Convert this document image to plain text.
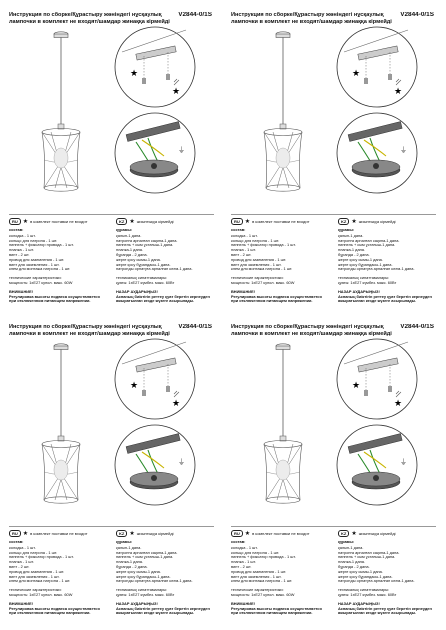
Инструкция по сборке/Құрастыру жөніндегі нұсқаулық	V2844-0/1S
лампочки в комплект не входят/шамдар жинаққа кірмейді
★
★
⏚
RU ★ в комплект поставки не входит	KZ ★ жиынтыққа кірмейді
состав:
колодка - 1 шт.
кольцо для патрона - 1 шт.
ниппель + фиксатор провода - 1 шт.
планка - 1 шт.
винт - 2 шт.
провод для заземления - 1 шт.
винт для заземления - 1 шт.
клем для монтажа патрона - 1 шт.
технические характеристики:
мощность: 1xE27 купол. макс. 60W
ВНИМАНИЕ!
Регулировка высоты подвеса осуществляется
при отключенном питающем напряжении.
құрамы:
қалып-1 дана.
патронға арналған сақина-1 дана.
ниппель + сым ұстағыш-1 дана.
планка-1 дана.
бұрандa - 2 дана.
жерге қосу сымы-1 дана.
жерге қосу бұрандасы-1 дана.
патронды орнатуға арналған клем-1 дана.
техникалық сипаттамалары:
қуаты: 1xE27 күмбез. макс. 60Вт
НАЗАР АУДАРЫҢЫЗ!
Аспаның биіктігін реттеу қуат беретін кернеуден
ажыратылған кезде жүзеге асырылады.
Инструкция по сборке/Құрастыру жөніндегі нұсқаулық	V2844-0/1S
лампочки в комплект не входят/шамдар жинаққа кірмейді
★
★
⏚
RU ★ в комплект поставки не входит	KZ ★ жиынтыққа кірмейді
состав:
колодка - 1 шт.
кольцо для патрона - 1 шт.
ниппель + фиксатор провода - 1 шт.
планка - 1 шт.
винт - 2 шт.
провод для заземления - 1 шт.
винт для заземления - 1 шт.
клем для монтажа патрона - 1 шт.
технические характеристики:
мощность: 1xE27 купол. макс. 60W
ВНИМАНИЕ!
Регулировка высоты подвеса осуществляется
при отключенном питающем напряжении.
құрамы:
қалып-1 дана.
патронға арналған сақина-1 дана.
ниппель + сым ұстағыш-1 дана.
планка-1 дана.
бұрандa - 2 дана.
жерге қосу сымы-1 дана.
жерге қосу бұрандасы-1 дана.
патронды орнатуға арналған клем-1 дана.
техникалық сипаттамалары:
қуаты: 1xE27 күмбез. макс. 60Вт
НАЗАР АУДАРЫҢЫЗ!
Аспаның биіктігін реттеу қуат беретін кернеуден
ажыратылған кезде жүзеге асырылады.
Инструкция по сборке/Құрастыру жөніндегі нұсқаулық	V2844-0/1S
лампочки в комплект не входят/шамдар жинаққа кірмейді
★
★
⏚
RU ★ в комплект поставки не входит	KZ ★ жиынтыққа кірмейді
состав:
колодка - 1 шт.
кольцо для патрона - 1 шт.
ниппель + фиксатор провода - 1 шт.
планка - 1 шт.
винт - 2 шт.
провод для заземления - 1 шт.
винт для заземления - 1 шт.
клем для монтажа патрона - 1 шт.
технические характеристики:
мощность: 1xE27 купол. макс. 60W
ВНИМАНИЕ!
Регулировка высоты подвеса осуществляется
при отключенном питающем напряжении.
құрамы:
қалып-1 дана.
патронға арналған сақина-1 дана.
ниппель + сым ұстағыш-1 дана.
планка-1 дана.
бұрандa - 2 дана.
жерге қосу сымы-1 дана.
жерге қосу бұрандасы-1 дана.
патронды орнатуға арналған клем-1 дана.
техникалық сипаттамалары:
қуаты: 1xE27 күмбез. макс. 60Вт
НАЗАР АУДАРЫҢЫЗ!
Аспаның биіктігін реттеу қуат беретін кернеуден
ажыратылған кезде жүзеге асырылады.
Инструкция по сборке/Құрастыру жөніндегі нұсқаулық	V2844-0/1S
лампочки в комплект не входят/шамдар жинаққа кірмейді
★
★
⏚
RU ★ в комплект поставки не входит	KZ ★ жиынтыққа кірмейді
состав:
колодка - 1 шт.
кольцо для патрона - 1 шт.
ниппель + фиксатор провода - 1 шт.
планка - 1 шт.
винт - 2 шт.
провод для заземления - 1 шт.
винт для заземления - 1 шт.
клем для монтажа патрона - 1 шт.
технические характеристики:
мощность: 1xE27 купол. макс. 60W
ВНИМАНИЕ!
Регулировка высоты подвеса осуществляется
при отключенном питающем напряжении.
құрамы:
қалып-1 дана.
патронға арналған сақина-1 дана.
ниппель + сым ұстағыш-1 дана.
планка-1 дана.
бұрандa - 2 дана.
жерге қосу сымы-1 дана.
жерге қосу бұрандасы-1 дана.
патронды орнатуға арналған клем-1 дана.
техникалық сипаттамалары:
қуаты: 1xE27 күмбез. макс. 60Вт
НАЗАР АУДАРЫҢЫЗ!
Аспаның биіктігін реттеу қуат беретін кернеуден
ажыратылған кезде жүзеге асырылады.
